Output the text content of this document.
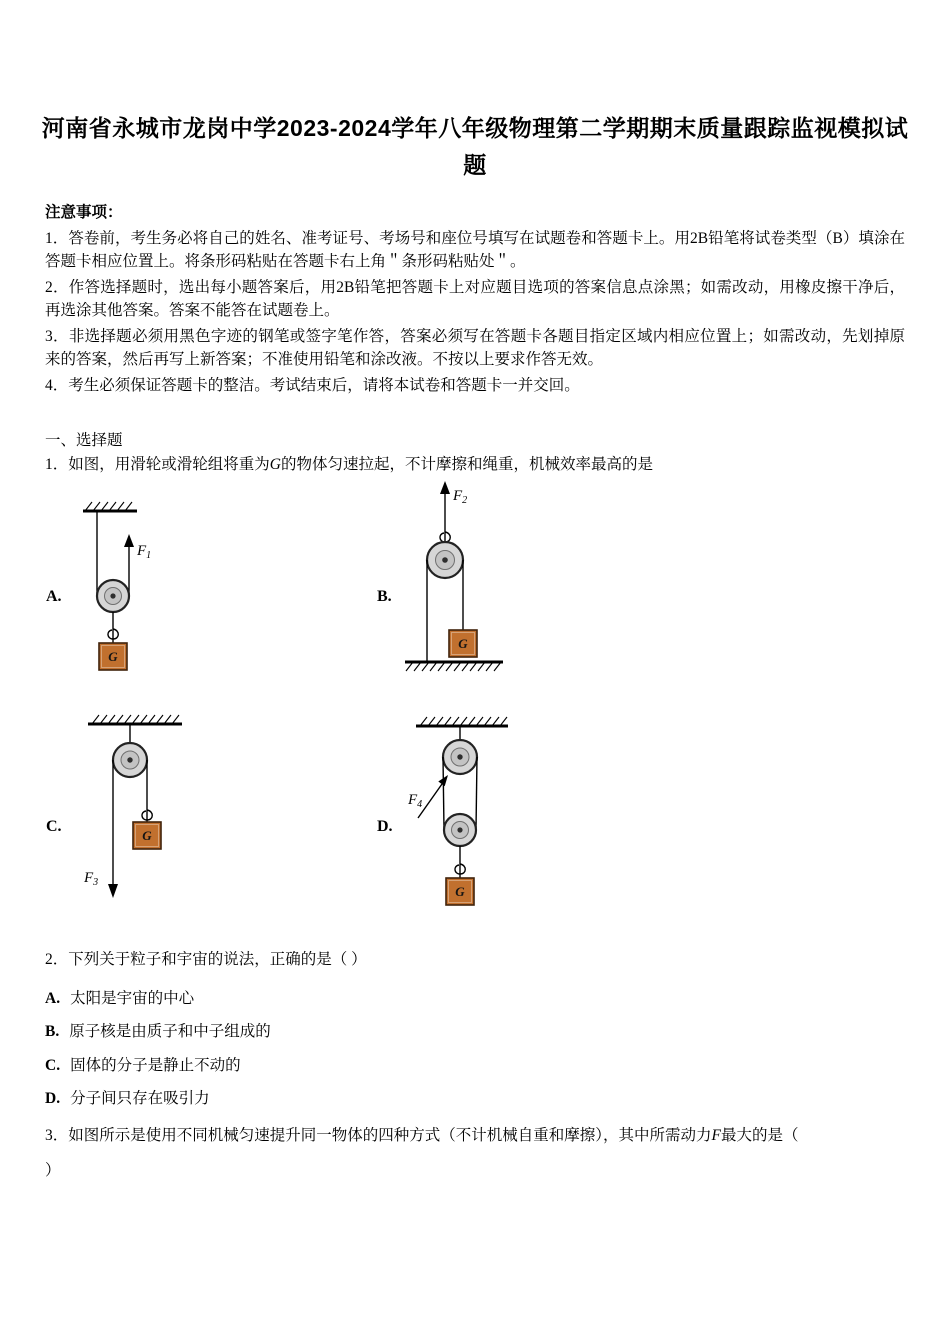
河南省永城市龙岗中学2023-2024学年八年级物理第二学期期末质量跟踪监视模拟试
题

注意事项：

1．答卷前，考生务必将自己的姓名、准考证号、考场号和座位号填写在试题卷和答题卡上。用2B铅笔将试卷类型（B）填涂在答题卡相应位置上。将条形码粘贴在答题卡右上角＂条形码粘贴处＂。

2．作答选择题时，选出每小题答案后，用2B铅笔把答题卡上对应题目选项的答案信息点涂黑；如需改动，用橡皮擦干净后，再选涂其他答案。答案不能答在试题卷上。

3．非选择题必须用黑色字迹的钢笔或签字笔作答，答案必须写在答题卡各题目指定区域内相应位置上；如需改动，先划掉原来的答案，然后再写上新答案；不准使用铅笔和涂改液。不按以上要求作答无效。

4．考生必须保证答题卡的整洁。考试结束后，请将本试卷和答题卡一并交回。

一、选择题
1．如图，用滑轮或滑轮组将重为G的物体匀速拉起，不计摩擦和绳重，机械效率最高的是
A.	B.
C.	D.
$F_1$
G
$F_2$
G
$F_3$
G
$F_4$
G
2．下列关于粒子和宇宙的说法，正确的是（ ）
A. 太阳是宇宙的中心
B. 原子核是由质子和中子组成的
C. 固体的分子是静止不动的
D. 分子间只存在吸引力
3．如图所示是使用不同机械匀速提升同一物体的四种方式（不计机械自重和摩擦），其中所需动力F最大的是（
）
